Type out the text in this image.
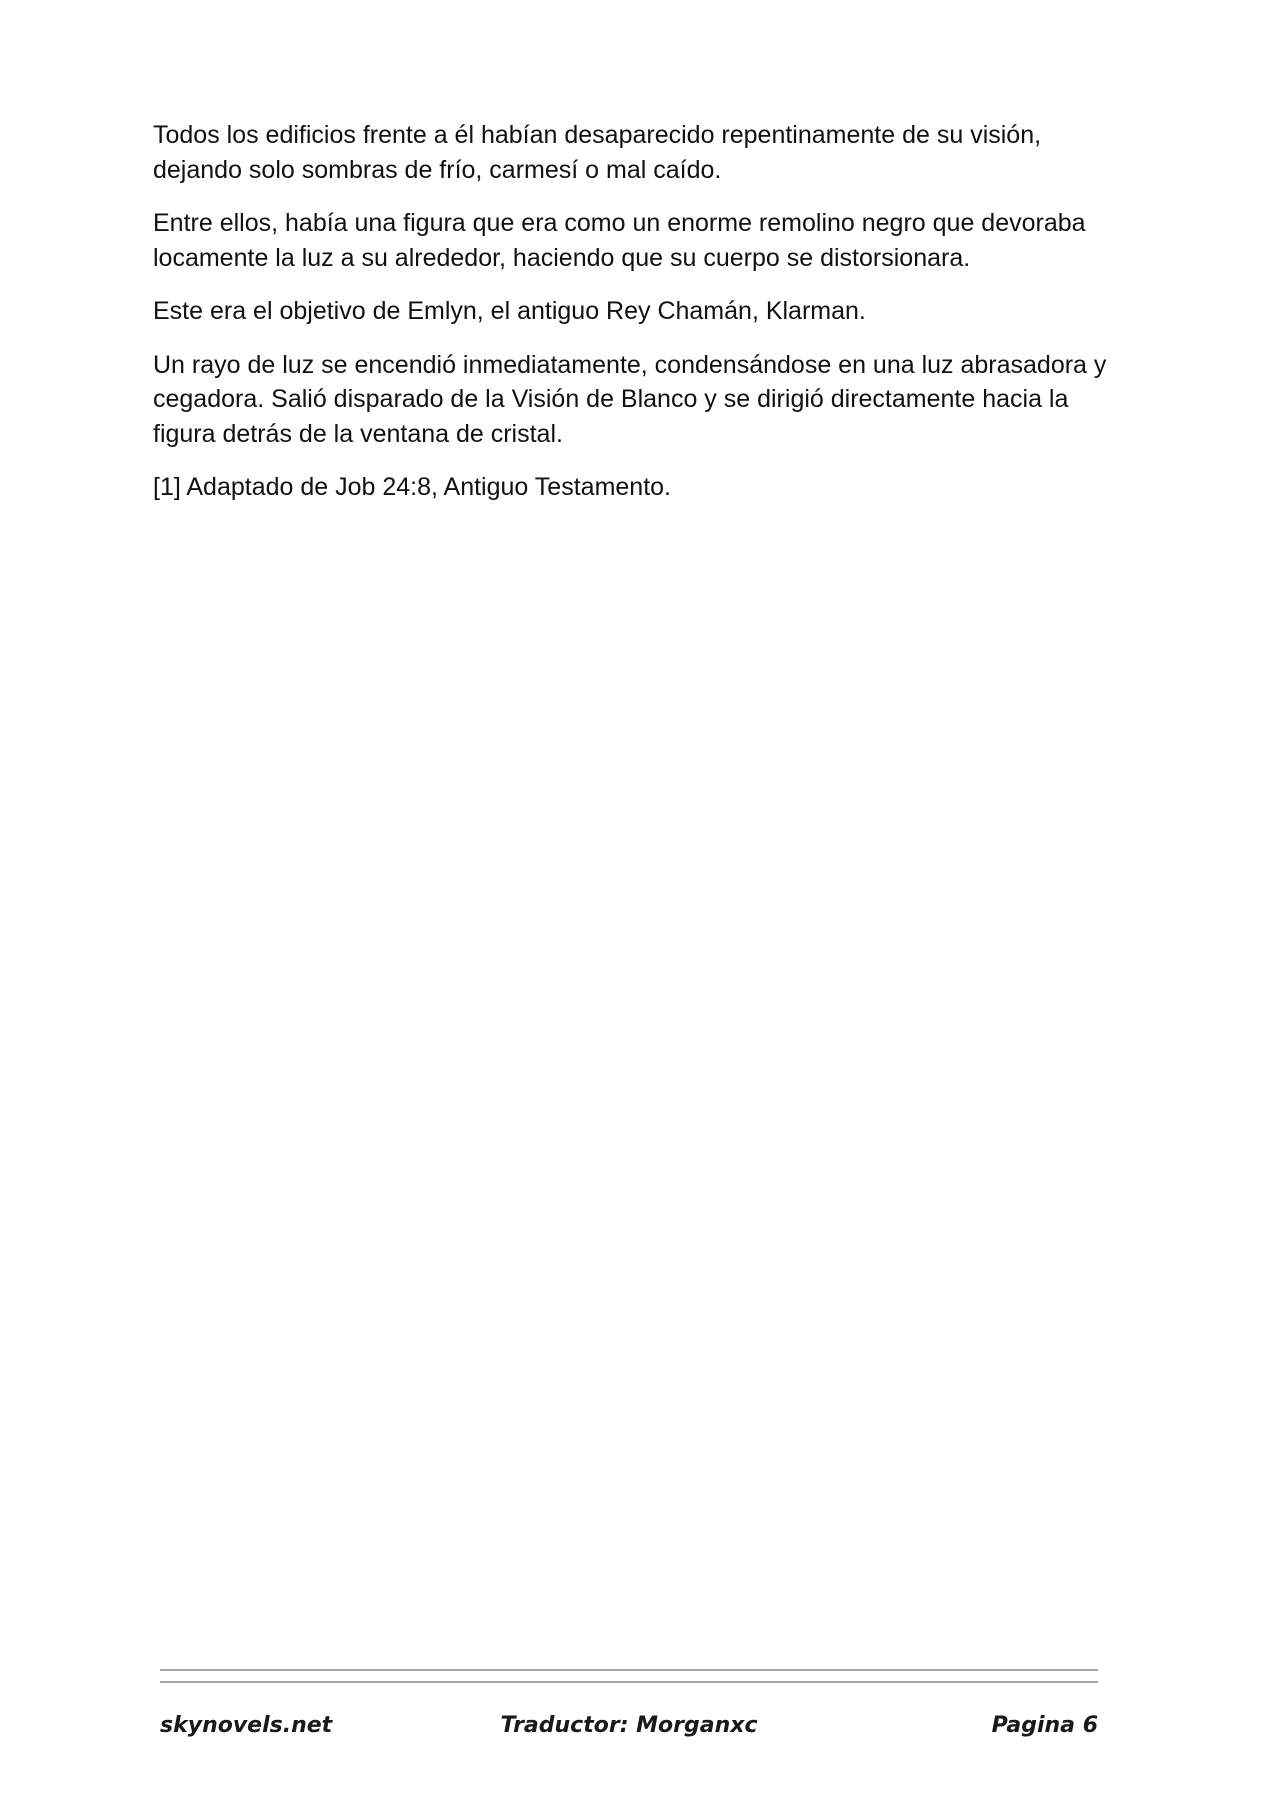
Todos los edificios frente a él habían desaparecido repentinamente de su visión, dejando solo sombras de frío, carmesí o mal caído.

Entre ellos, había una figura que era como un enorme remolino negro que devoraba locamente la luz a su alrededor, haciendo que su cuerpo se distorsionara.

Este era el objetivo de Emlyn, el antiguo Rey Chamán, Klarman.

Un rayo de luz se encendió inmediatamente, condensándose en una luz abrasadora y cegadora. Salió disparado de la Visión de Blanco y se dirigió directamente hacia la figura detrás de la ventana de cristal.

[1] Adaptado de Job 24:8, Antiguo Testamento.

skynovels.net	Traductor: Morganxc	Pagina 6
